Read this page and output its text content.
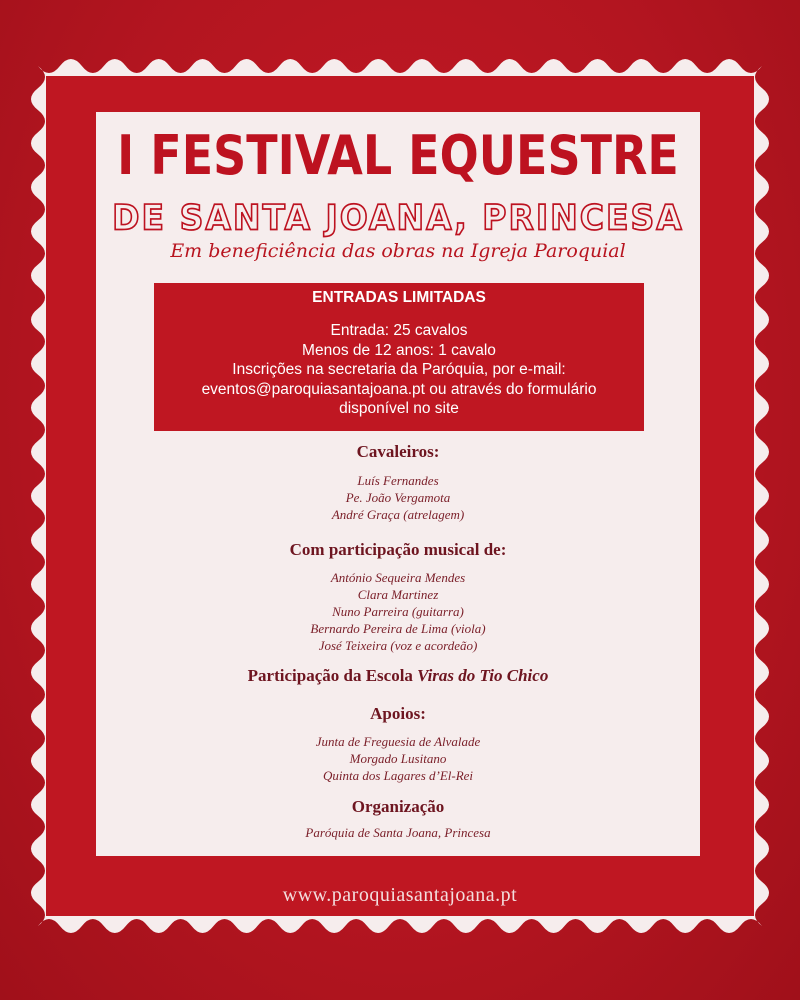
I FESTIVAL EQUESTRE
DE SANTA JOANA, PRINCESA
Em beneficiência das obras na Igreja Paroquial
ENTRADAS LIMITADAS
Entrada: 25 cavalos
Menos de 12 anos: 1 cavalo
Inscrições na secretaria da Paróquia, por e-mail:
eventos@paroquiasantajoana.pt ou através do formulário
disponível no site
Cavaleiros:
Luís Fernandes
Pe. João Vergamota
André Graça (atrelagem)
Com participação musical de:
António Sequeira Mendes
Clara Martinez
Nuno Parreira (guitarra)
Bernardo Pereira de Lima (viola)
José Teixeira (voz e acordeão)
Participação da Escola Viras do Tio Chico
Apoios:
Junta de Freguesia de Alvalade
Morgado Lusitano
Quinta dos Lagares d’El-Rei
Organização
Paróquia de Santa Joana, Princesa
www.paroquiasantajoana.pt
